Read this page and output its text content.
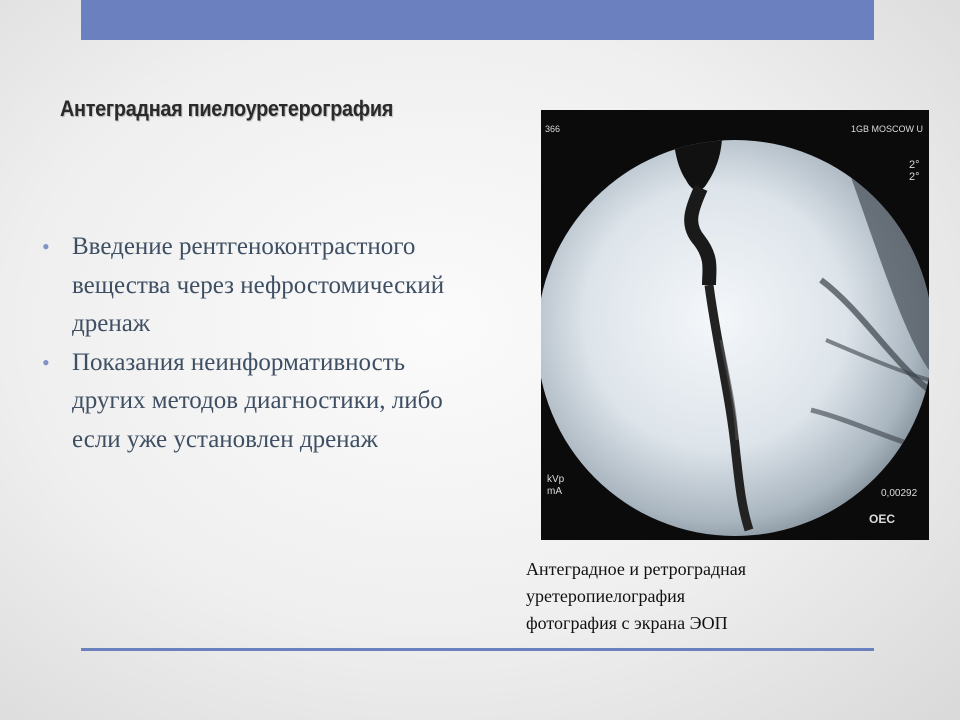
Антеградная пиелоуретерография
• Введение рентгеноконтрастного вещества через нефростомический дренаж
• Показания неинформативность других методов диагностики, либо если уже установлен дренаж
366	1GB MOSCOW U
2°
2°
kVp
mA	0,00292
OEC
Антеградное и ретроградная
уретеропиелография
фотография с экрана ЭОП
